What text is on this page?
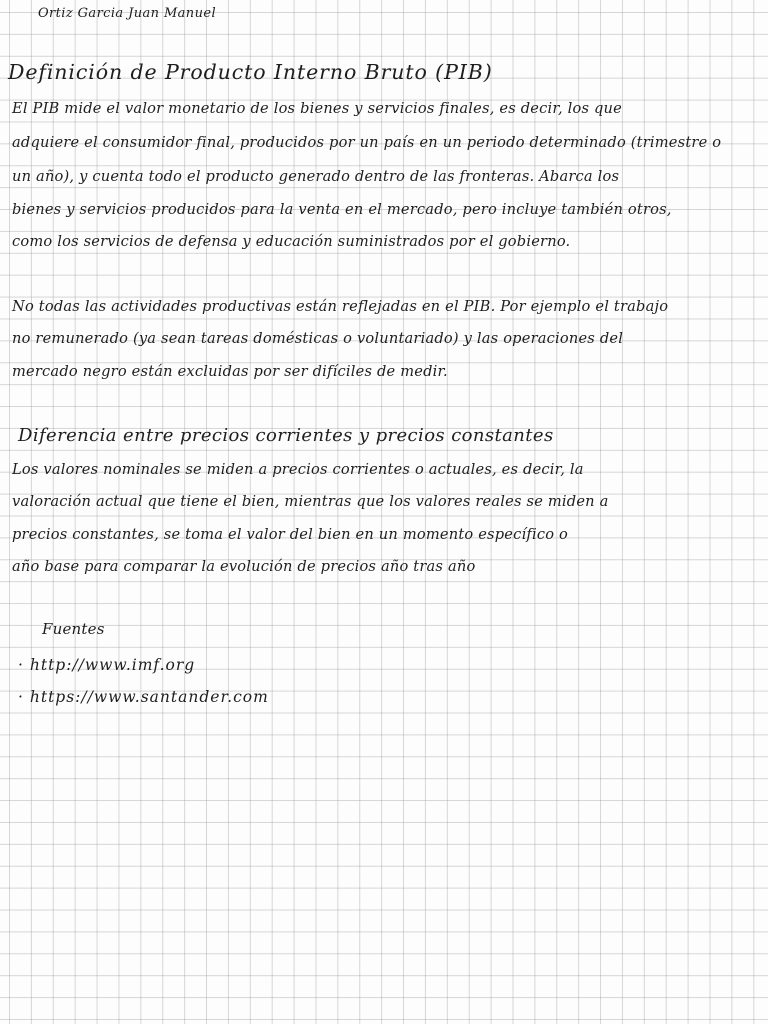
Ortiz Garcia Juan Manuel
Definición de Producto Interno Bruto (PIB)
El PIB mide el valor monetario de los bienes y servicios finales, es decir, los que
adquiere el consumidor final, producidos por un país en un periodo determinado (trimestre o
un año), y cuenta todo el producto generado dentro de las fronteras. Abarca los
bienes y servicios producidos para la venta en el mercado, pero incluye también otros,
como los servicios de defensa y educación suministrados por el gobierno.
No todas las actividades productivas están reflejadas en el PIB. Por ejemplo el trabajo
no remunerado (ya sean tareas domésticas o voluntariado) y las operaciones del
mercado negro están excluidas por ser difíciles de medir.
Diferencia entre precios corrientes y precios constantes
Los valores nominales se miden a precios corrientes o actuales, es decir, la
valoración actual que tiene el bien, mientras que los valores reales se miden a
precios constantes, se toma el valor del bien en un momento específico o
año base para comparar la evolución de precios año tras año
Fuentes
· http://www.imf.org
· https://www.santander.com
